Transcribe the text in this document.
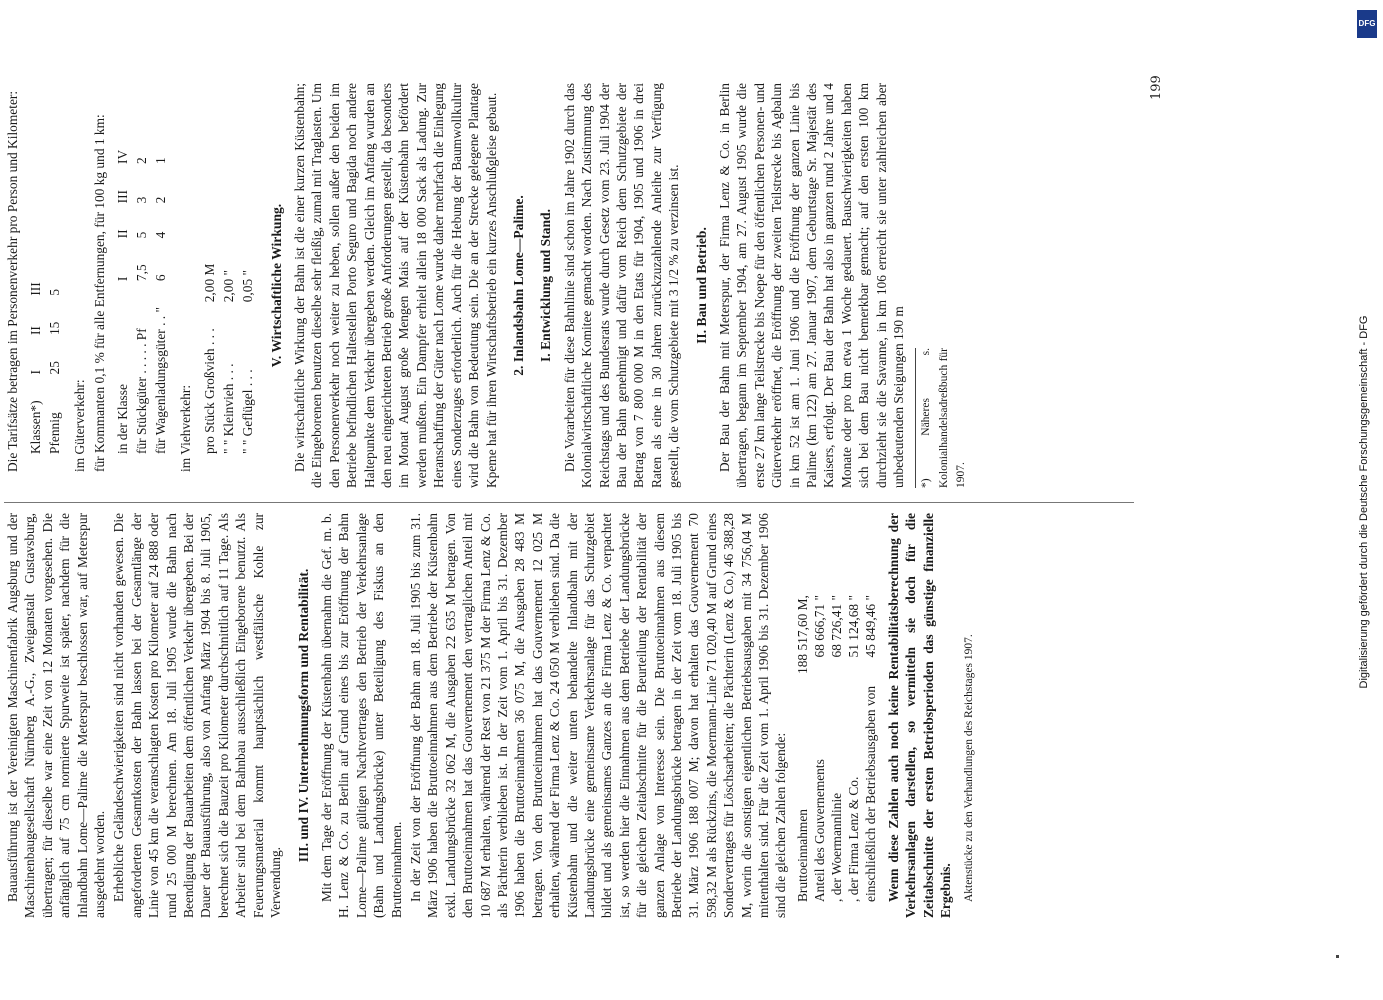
Bauausführung ist der Vereinigten Maschinenfabrik Augsburg und der Maschinenbaugesellschaft Nürnberg A.-G., Zweiganstalt Gustavsburg, übertragen; für dieselbe war eine Zeit von 12 Monaten vorgesehen. Die anfänglich auf 75 cm normierte Spurweite ist später, nachdem für die Inlandbahn Lome—Palime die Meterspur beschlossen war, auf Meterspur ausgedehnt worden. Erhebliche Geländeschwierigkeiten sind nicht vorhanden gewesen. Die angeforderten Gesamtkosten der Bahn lassen bei der Gesamtlänge der Linie von 45 km die veranschlagten Kosten pro Kilometer auf 24 888 oder rund 25 000 M berechnen. Am 18. Juli 1905 wurde die Bahn nach Beendigung der Bauarbeiten dem öffentlichen Verkehr übergeben. Bei der Dauer der Bauausführung, also von Anfang März 1904 bis 8. Juli 1905, berechnet sich die Bauzeit pro Kilometer durchschnittlich auf 11 Tage. Als Arbeiter sind bei dem Bahnbau ausschließlich Eingeborene benutzt. Als Feuerungsmaterial kommt hauptsächlich westfälische Kohle zur Verwendung.

III. und IV. Unternehmungsform und Rentabilität. Mit dem Tage der Eröffnung der Küstenbahn übernahm die Gef. m. b. H. Lenz & Co. zu Berlin auf Grund eines bis zur Eröffnung der Bahn Lome—Palime gültigen Nachtvertrages den Betrieb der Verkehrsanlage (Bahn und Landungsbrücke) unter Beteiligung des Fiskus an den Bruttoeinnahmen. In der Zeit von der Eröffnung der Bahn am 18. Juli 1905 bis zum 31. März 1906 haben die Bruttoeinnahmen aus dem Betriebe der Küstenbahn exkl. Landungsbrücke 32 062 M, die Ausgaben 22 635 M betragen. Von den Bruttoeinnahmen hat das Gouvernement den vertraglichen Anteil mit 10 687 M erhalten, während der Rest von 21 375 M der Firma Lenz & Co. als Pächterin verblieben ist. In der Zeit vom 1. April bis 31. Dezember 1906 haben die Bruttoeinnahmen 36 075 M, die Ausgaben 28 483 M betragen. Von den Bruttoeinnahmen hat das Gouvernement 12 025 M erhalten, während der Firma Lenz & Co. 24 050 M verblieben sind. Da die Küstenbahn und die weiter unten behandelte Inlandbahn mit der Landungsbrücke eine gemeinsame Verkehrsanlage für das Schutzgebiet bildet und als gemeinsames Ganzes an die Firma Lenz & Co. verpachtet ist, so werden hier die Einnahmen aus dem Betriebe der Landungsbrücke für die gleichen Zeitabschnitte für die Beurteilung der Rentabilität der ganzen Anlage von Interesse sein. Die Bruttoeinnahmen aus diesem Betriebe der Landungsbrücke betragen in der Zeit vom 18. Juli 1905 bis 31. März 1906 188 007 M; davon hat erhalten das Gouvernement 70 598,32 M als Rückzins, die Moermann-Linie 71 020,40 M auf Grund eines Sondervertrages für Löschsarbeiten; die Pächterin (Lenz & Co.) 46 388,28 M, worin die sonstigen eigentlichen Betriebsausgaben mit 34 756,04 M mitenthalten sind. Für die Zeit vom 1. April 1906 bis 31. Dezember 1906 sind die gleichen Zahlen folgende: Bruttoeinnahmen	188 517,60 M,
Anteil des Gouvernements	68 666,71 "
, der Woermannlinie	68 726,41 "
, der Firma Lenz & Co.	51 124,68 "
einschließlich der Betriebsausgaben von	45 849,46 " Wenn diese Zahlen auch noch keine Rentabilitätsberechnung der Verkehrsanlagen darstellen, so vermitteln sie doch für die Zeitabschnitte der ersten Betriebsperioden das günstige finanzielle Ergebnis. Aktenstücke zu den Verhandlungen des Reichstages 1907.

Die Tarifsätze betragen im Personenverkehr pro Person und Kilometer: Klassen*)	I	II	III
Pfennig	25	15	5

im Güterverkehr: für Kommanten 0,1 % für alle Entfernungen, für 100 kg und 1 km: in der Klasse	I	II	III	IV
für Stückgüter . . . . . Pf	7,5	5	3	2
für Wagenladungsgüter . . "	6	4	2	1

im Viehverkehr: pro Stück Großvieh . . .	2,00 M
" " Kleinvieh . . .	2,00 "
" " Geflügel . . .	0,05 " V. Wirtschaftliche Wirkung. Die wirtschaftliche Wirkung der Bahn ist die einer kurzen Küstenbahn; die Eingeborenen benutzen dieselbe sehr fleißig, zumal mit Traglasten. Um den Personenverkehr noch weiter zu heben, sollen außer den beiden im Betriebe befindlichen Haltestellen Porto Seguro und Bagida noch andere Haltepunkte dem Verkehr übergeben werden. Gleich im Anfang wurden an den neu eingerichteten Betrieb große Anforderungen gestellt, da besonders im Monat August große Mengen Mais auf der Küstenbahn befördert werden mußten. Ein Dampfer erhielt allein 18 000 Sack als Ladung. Zur Heranschaffung der Güter nach Lome wurde daher mehrfach die Einlegung eines Sonderzuges erforderlich. Auch für die Hebung der Baumwollkultur wird die Bahn von Bedeutung sein. Die an der Strecke gelegene Plantage Kpeme hat für ihren Wirtschaftsbetrieb ein kurzes Anschlußgleise gebaut. 2. Inlandsbahn Lome—Palime. I. Entwicklung und Stand. Die Vorarbeiten für diese Bahnlinie sind schon im Jahre 1902 durch das Kolonialwirtschaftliche Komitee gemacht worden. Nach Zustimmung des Reichstags und des Bundesrats wurde durch Gesetz vom 23. Juli 1904 der Bau der Bahn genehmigt und dafür vom Reich dem Schutzgebiete der Betrag von 7 800 000 M in den Etats für 1904, 1905 und 1906 in drei Raten als eine in 30 Jahren zurückzuzahlende Anleihe zur Verfügung gestellt, die vom Schutzgebiete mit 3 1/2 % zu verzinsen ist. II. Bau und Betrieb. Der Bau der Bahn mit Meterspur, der Firma Lenz & Co. in Berlin übertragen, begann im September 1904, am 27. August 1905 wurde die erste 27 km lange Teilstrecke bis Noepe für den öffentlichen Personen- und Güterverkehr eröffnet, die Eröffnung der zweiten Teilstrecke bis Agbalun in km 52 ist am 1. Juni 1906 und die Eröffnung der ganzen Linie bis Palime (km 122) am 27. Januar 1907, dem Geburtstage Sr. Majestät des Kaisers, erfolgt. Der Bau der Bahn hat also in ganzen rund 2 Jahre und 4 Monate oder pro km etwa 1 Woche gedauert. Bauschwierigkeiten haben sich bei dem Bau nicht bemerkbar gemacht; auf den ersten 100 km durchzieht sie die Savanne, in km 106 erreicht sie unter zahlreichen aber unbedeutenden Steigungen 190 m	*) Näheres s. Kolonialhandelsadreßbuch für 1907.
199
Digitalisierung gefördert durch die Deutsche Forschungsgemeinschaft - DFG
DFG
